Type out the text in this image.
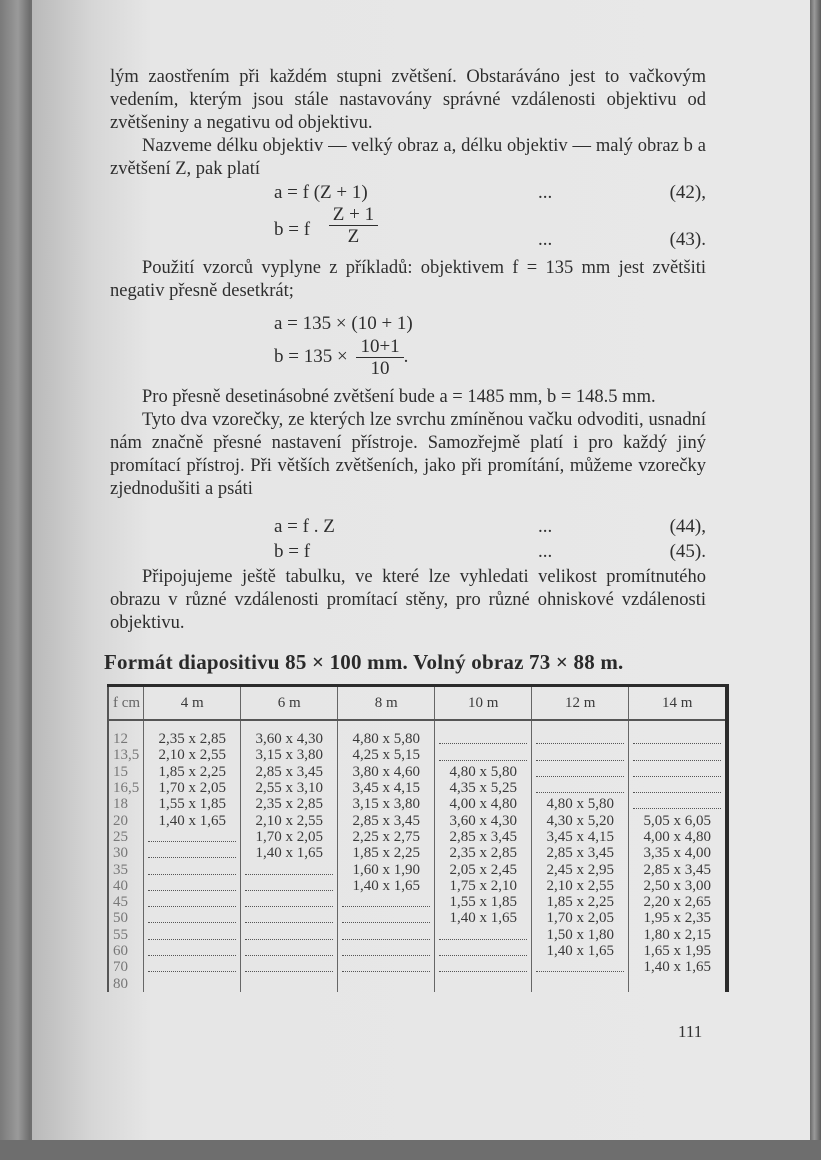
lým zaostřením při každém stupni zvětšení. Obstaráváno jest to vačkovým vedením, kterým jsou stále nastavovány správné vzdálenosti objektivu od zvětšeniny a negativu od objektivu.

Nazveme délku objektiv — velký obraz a, délku objektiv — malý obraz b a zvětšení Z, pak platí

a = f (Z + 1)	...	(42),
b = f $\frac{Z + 1}{Z}$	...	(43).

Použití vzorců vyplyne z příkladů: objektivem f = 135 mm jest zvětšiti negativ přesně desetkrát;

a = 135 × (10 + 1)
$b = 135 \times \frac{10+1}{10}$ .

Pro přesně desetinásobné zvětšení bude a = 1485 mm, b = 148.5 mm.

Tyto dva vzorečky, ze kterých lze svrchu zmíněnou vačku odvoditi, usnadní nám značně přesné nastavení přístroje. Samozřejmě platí i pro každý jiný promítací přístroj. Při větších zvětšeních, jako při promítání, můžeme vzorečky zjednodušiti a psáti

a = f . Z	...	(44),
b = f	...	(45).

Připojujeme ještě tabulku, ve které lze vyhledati velikost promítnutého obrazu v různé vzdálenosti promítací stěny, pro různé ohniskové vzdálenosti objektivu.

Formát diapositivu 85 × 100 mm. Volný obraz 73 × 88 m.
f cm	4 m	6 m	8 m	10 m	12 m	14 m
12	2,35 x 2,85	3,60 x 4,30	4,80 x 5,80			
13,5	2,10 x 2,55	3,15 x 3,80	4,25 x 5,15			
15	1,85 x 2,25	2,85 x 3,45	3,80 x 4,60	4,80 x 5,80		
16,5	1,70 x 2,05	2,55 x 3,10	3,45 x 4,15	4,35 x 5,25		
18	1,55 x 1,85	2,35 x 2,85	3,15 x 3,80	4,00 x 4,80	4,80 x 5,80	
20	1,40 x 1,65	2,10 x 2,55	2,85 x 3,45	3,60 x 4,30	4,30 x 5,20	5,05 x 6,05
25		1,70 x 2,05	2,25 x 2,75	2,85 x 3,45	3,45 x 4,15	4,00 x 4,80
30		1,40 x 1,65	1,85 x 2,25	2,35 x 2,85	2,85 x 3,45	3,35 x 4,00
35			1,60 x 1,90	2,05 x 2,45	2,45 x 2,95	2,85 x 3,45
40			1,40 x 1,65	1,75 x 2,10	2,10 x 2,55	2,50 x 3,00
45				1,55 x 1,85	1,85 x 2,25	2,20 x 2,65
50				1,40 x 1,65	1,70 x 2,05	1,95 x 2,35
55					1,50 x 1,80	1,80 x 2,15
60					1,40 x 1,65	1,65 x 1,95
70						1,40 x 1,65
80						
111
